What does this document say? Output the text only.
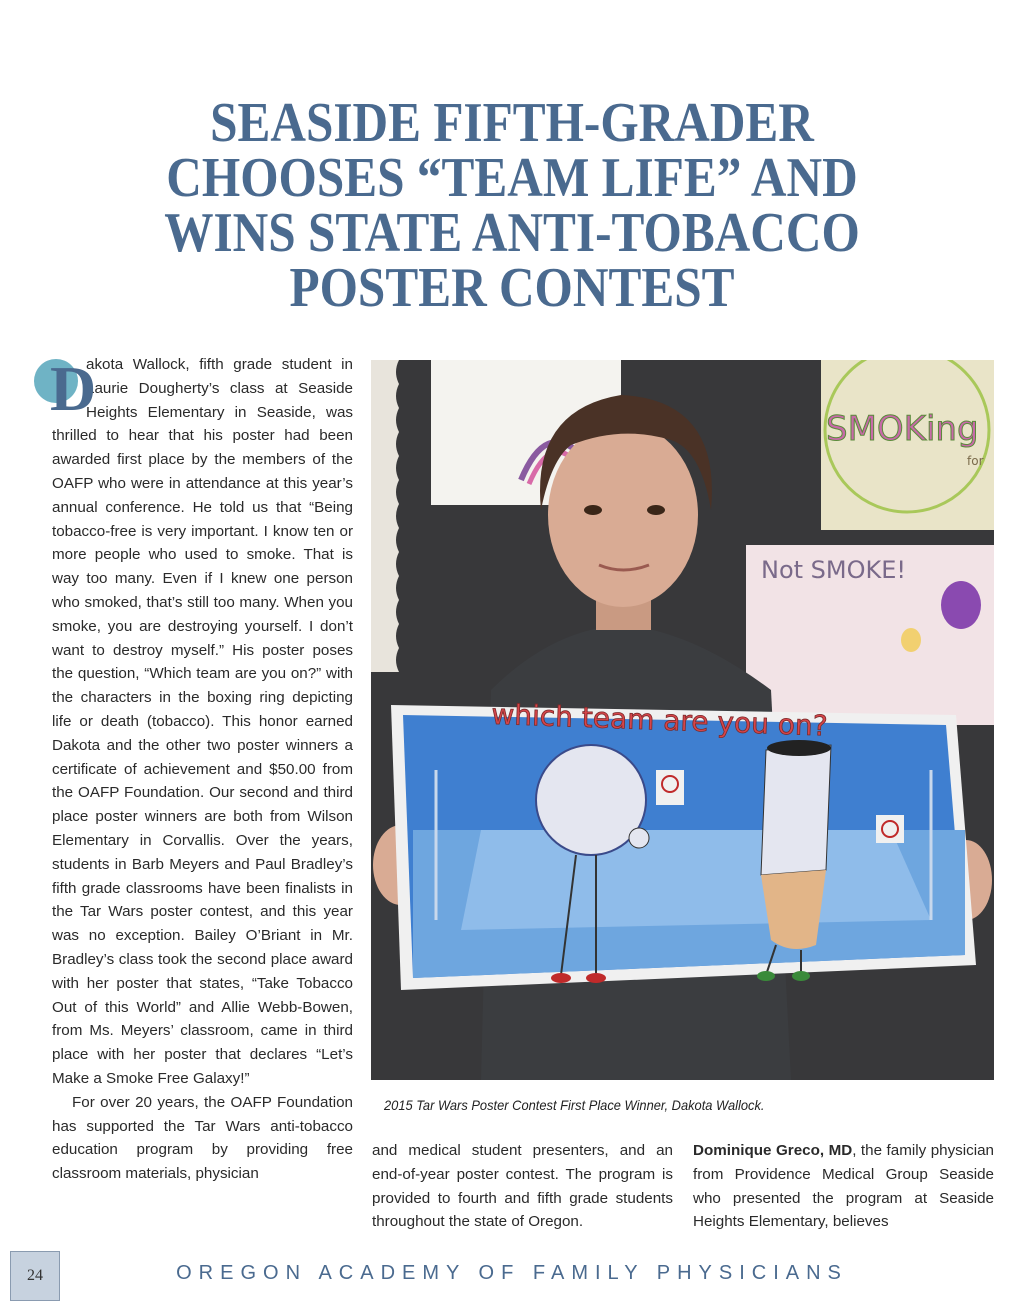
SEASIDE FIFTH-GRADER
CHOOSES “TEAM LIFE” AND
WINS STATE ANTI-TOBACCO
POSTER CONTEST
D

akota Wallock, fifth grade student in Laurie Dougherty’s class at Seaside Heights Elementary in Seaside, was thrilled to hear that his poster had been awarded first place by the members of the OAFP who were in attendance at this year’s annual conference. He told us that “Being tobacco-free is very important. I know ten or more people who used to smoke. That is way too many. Even if I knew one person who smoked, that’s still too many. When you smoke, you are destroying yourself. I don’t want to destroy myself.” His poster poses the question, “Which team are you on?” with the characters in the boxing ring depicting life or death (tobacco). This honor earned Dakota and the other two poster winners a certificate of achievement and $50.00 from the OAFP Foundation. Our second and third place poster winners are both from Wilson Elementary in Corvallis. Over the years, students in Barb Meyers and Paul Bradley’s fifth grade classrooms have been finalists in the Tar Wars poster contest, and this year was no exception. Bailey O’Briant in Mr. Bradley’s class took the second place award with her poster that states, “Take Tobacco Out of this World” and Allie Webb-Bowen, from Ms. Meyers’ classroom, came in third place with her poster that declares “Let’s Make a Smoke Free Galaxy!”

For over 20 years, the OAFP Foundation has supported the Tar Wars anti-tobacco education program by providing free classroom materials, physician

SMOKing
for
Not SMOKE!
which team are you on?
2015 Tar Wars Poster Contest First Place Winner, Dakota Wallock.

and medical student presenters, and an end-of-year poster contest. The program is provided to fourth and fifth grade students throughout the state of Oregon.

Dominique Greco, MD, the family physician from Providence Medical Group Seaside who presented the program at Seaside Heights Elementary, believes

24	OREGON ACADEMY OF FAMILY PHYSICIANS
